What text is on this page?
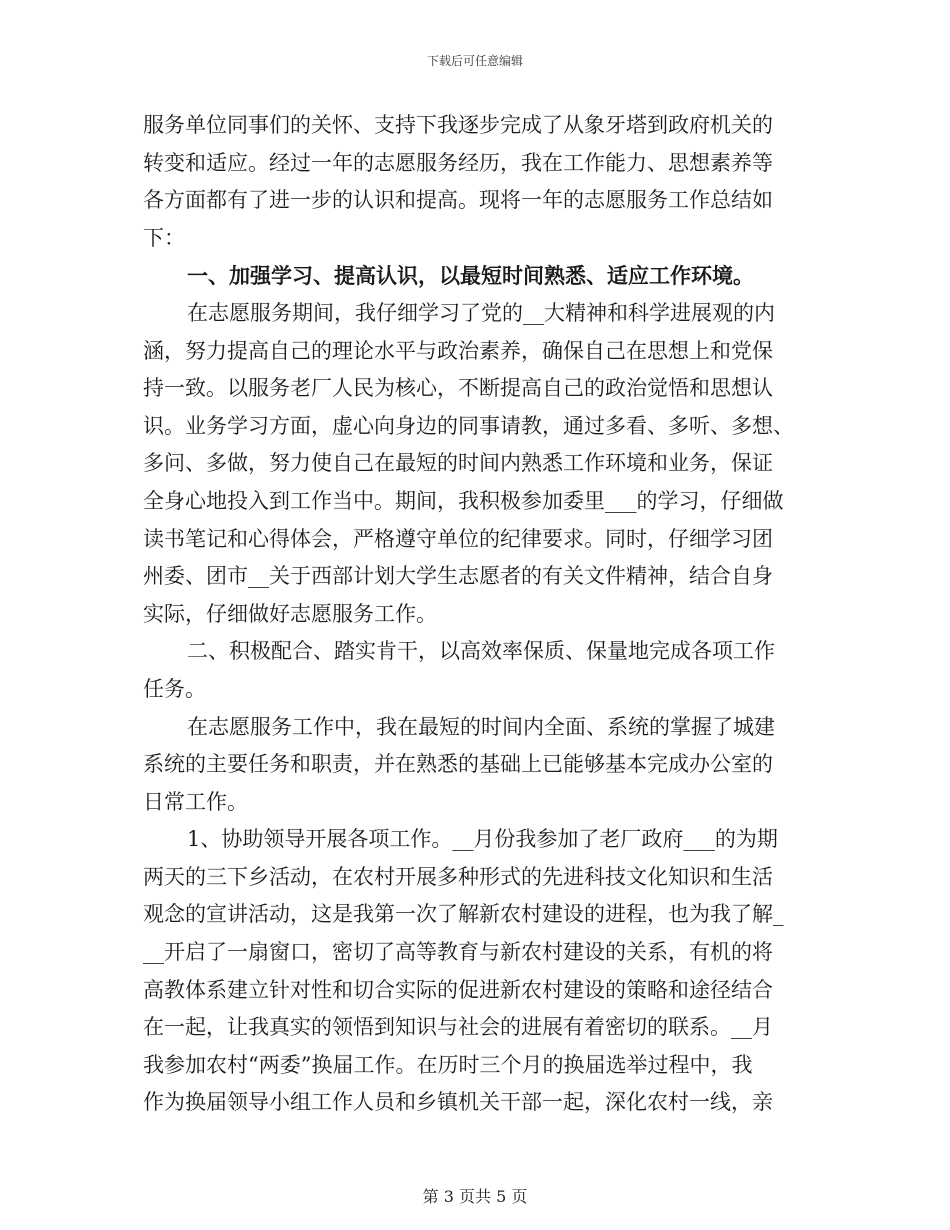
下载后可任意编辑
服务单位同事们的关怀、支持下我逐步完成了从象牙塔到政府机关的
转变和适应。经过一年的志愿服务经历，我在工作能力、思想素养等
各方面都有了进一步的认识和提高。现将一年的志愿服务工作总结如
下：
一、加强学习、提高认识，以最短时间熟悉、适应工作环境。
在志愿服务期间，我仔细学习了党的__大精神和科学进展观的内
涵，努力提高自己的理论水平与政治素养，确保自己在思想上和党保
持一致。以服务老厂人民为核心，不断提高自己的政治觉悟和思想认
识。业务学习方面，虚心向身边的同事请教，通过多看、多听、多想、
多问、多做，努力使自己在最短的时间内熟悉工作环境和业务，保证
全身心地投入到工作当中。期间，我积极参加委里___的学习，仔细做
读书笔记和心得体会，严格遵守单位的纪律要求。同时，仔细学习团
州委、团市__关于西部计划大学生志愿者的有关文件精神，结合自身
实际，仔细做好志愿服务工作。
二、积极配合、踏实肯干，以高效率保质、保量地完成各项工作
任务。
在志愿服务工作中，我在最短的时间内全面、系统的掌握了城建
系统的主要任务和职责，并在熟悉的基础上已能够基本完成办公室的
日常工作。
1、协助领导开展各项工作。__月份我参加了老厂政府___的为期
两天的三下乡活动，在农村开展多种形式的先进科技文化知识和生活
观念的宣讲活动，这是我第一次了解新农村建设的进程，也为我了解_
__开启了一扇窗口，密切了高等教育与新农村建设的关系，有机的将
高教体系建立针对性和切合实际的促进新农村建设的策略和途径结合
在一起，让我真实的领悟到知识与社会的进展有着密切的联系。__月
我参加农村“两委”换届工作。在历时三个月的换届选举过程中，我
作为换届领导小组工作人员和乡镇机关干部一起，深化农村一线，亲
第 3 页共 5 页
